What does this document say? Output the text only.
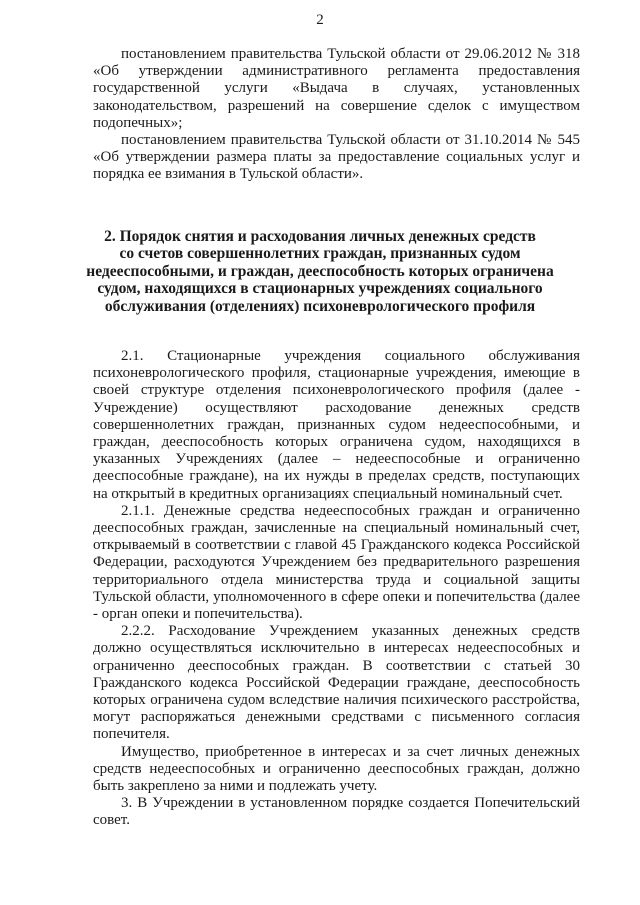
2

постановлением правительства Тульской области от 29.06.2012 № 318 «Об утверждении административного регламента предоставления государственной услуги «Выдача в случаях, установленных законодательством, разрешений на совершение сделок с имуществом подопечных»;

постановлением правительства Тульской области от 31.10.2014 № 545 «Об утверждении размера платы за предоставление социальных услуг и порядка ее взимания в Тульской области».

2. Порядок снятия и расходования личных денежных средств
со счетов совершеннолетних граждан, признанных судом
недееспособными, и граждан, дееспособность которых ограничена
судом, находящихся в стационарных учреждениях социального
обслуживания (отделениях) психоневрологического профиля

2.1. Стационарные учреждения социального обслуживания психоневрологического профиля, стационарные учреждения, имеющие в своей структуре отделения психоневрологического профиля (далее - Учреждение) осуществляют расходование денежных средств совершеннолетних граждан, признанных судом недееспособными, и граждан, дееспособность которых ограничена судом, находящихся в указанных Учреждениях (далее – недееспособные и ограниченно дееспособные граждане), на их нужды в пределах средств, поступающих на открытый в кредитных организациях специальный номинальный счет.

2.1.1. Денежные средства недееспособных граждан и ограниченно дееспособных граждан, зачисленные на специальный номинальный счет, открываемый в соответствии с главой 45 Гражданского кодекса Российской Федерации, расходуются Учреждением без предварительного разрешения территориального отдела министерства труда и социальной защиты Тульской области, уполномоченного в сфере опеки и попечительства (далее - орган опеки и попечительства).

2.2.2. Расходование Учреждением указанных денежных средств должно осуществляться исключительно в интересах недееспособных и ограниченно дееспособных граждан. В соответствии с статьей 30 Гражданского кодекса Российской Федерации граждане, дееспособность которых ограничена судом вследствие наличия психического расстройства, могут распоряжаться денежными средствами с письменного согласия попечителя.

Имущество, приобретенное в интересах и за счет личных денежных средств недееспособных и ограниченно дееспособных граждан, должно быть закреплено за ними и подлежать учету.

3. В Учреждении в установленном порядке создается Попечительский совет.
